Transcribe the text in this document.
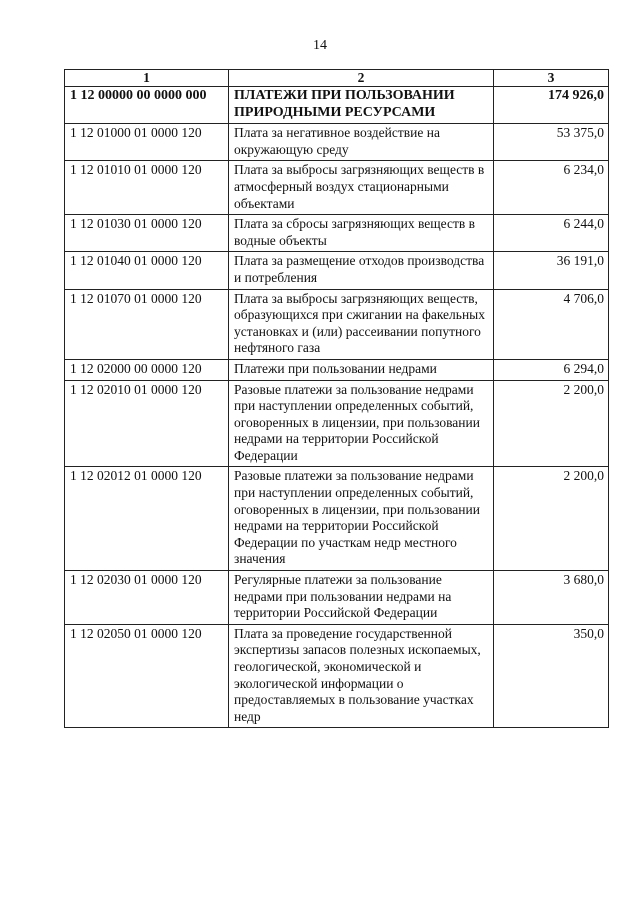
14
1	2	3
1 12 00000 00 0000 000	ПЛАТЕЖИ ПРИ ПОЛЬЗОВАНИИ ПРИРОДНЫМИ РЕСУРСАМИ	174 926,0
1 12 01000 01 0000 120	Плата за негативное воздействие на окружающую среду	53 375,0
1 12 01010 01 0000 120	Плата за выбросы загрязняющих веществ в атмосферный воздух стационарными объектами	6 234,0
1 12 01030 01 0000 120	Плата за сбросы загрязняющих веществ в водные объекты	6 244,0
1 12 01040 01 0000 120	Плата за размещение отходов производства и потребления	36 191,0
1 12 01070 01 0000 120	Плата за выбросы загрязняющих веществ, образующихся при сжигании на факельных установках и (или) рассеивании попутного нефтяного газа	4 706,0
1 12 02000 00 0000 120	Платежи при пользовании недрами	6 294,0
1 12 02010 01 0000 120	Разовые платежи за пользование недрами при наступлении определенных событий, оговоренных в лицензии, при пользовании недрами на территории Российской Федерации	2 200,0
1 12 02012 01 0000 120	Разовые платежи за пользование недрами при наступлении определенных событий, оговоренных в лицензии, при пользовании недрами на территории Российской Федерации по участкам недр местного значения	2 200,0
1 12 02030 01 0000 120	Регулярные платежи за пользование недрами при пользовании недрами на территории Российской Федерации	3 680,0
1 12 02050 01 0000 120	Плата за проведение государственной экспертизы запасов полезных ископаемых, геологической, экономической и экологической информации о предоставляемых в пользование участках недр	350,0
